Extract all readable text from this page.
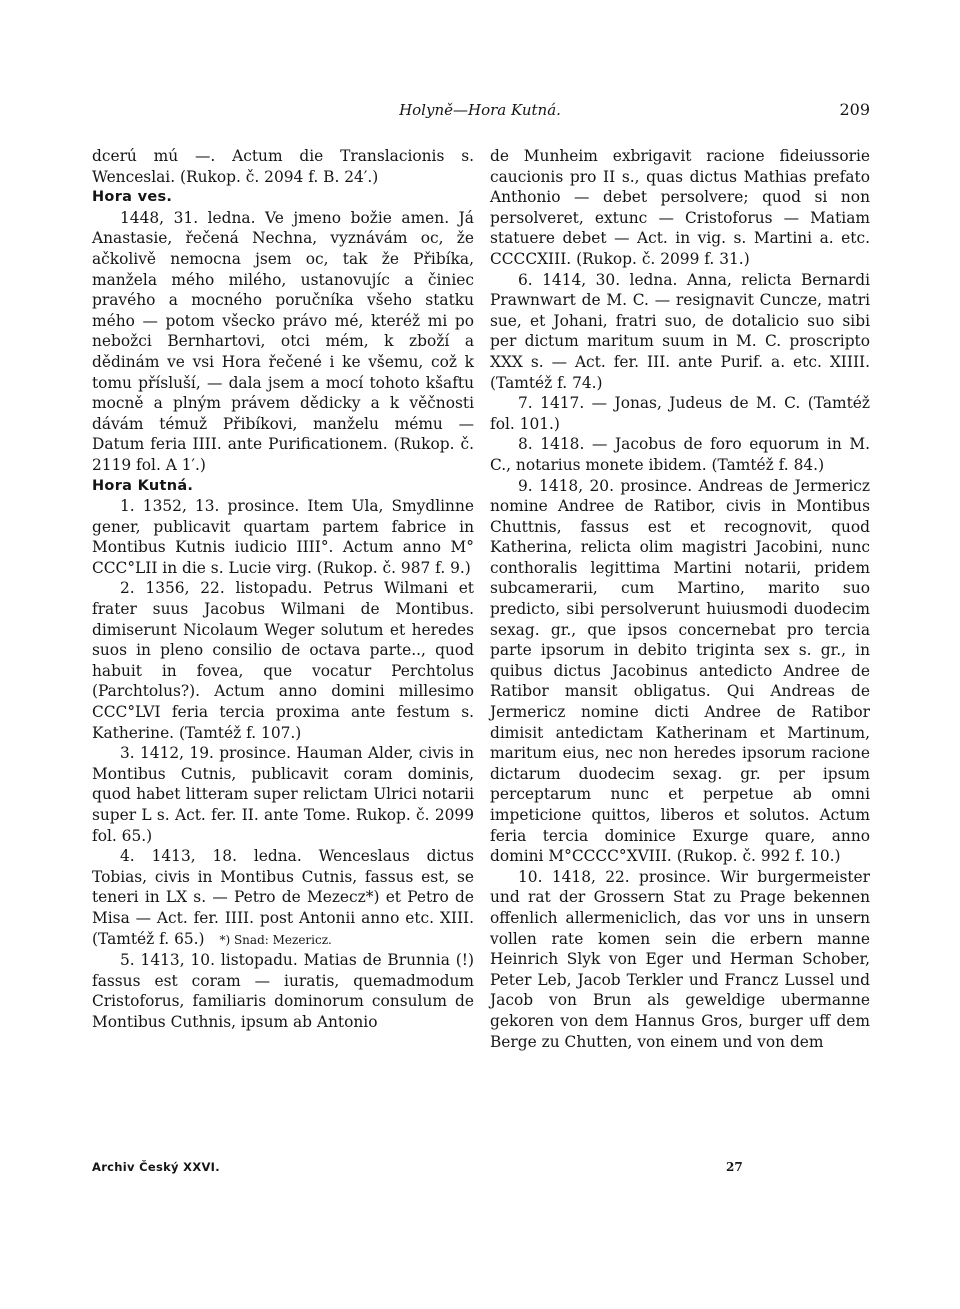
Holyně—Hora Kutná.	209

dcerú mú —. Actum die Translacionis s. Wenceslai. (Rukop. č. 2094 f. B. 24′.)

Hora ves.

1448, 31. ledna. Ve jmeno božie amen. Já Anastasie, řečená Nechna, vyznávám oc, že ačkolivě nemocna jsem oc, tak že Přibíka, manžela mého milého, ustanovujíc a činiec pravého a mocného poručníka všeho statku mého — potom všecko právo mé, kteréž mi po nebožci Bernhartovi, otci mém, k zboží a dědinám ve vsi Hora řečené i ke všemu, což k tomu přísluší, — dala jsem a mocí tohoto kšaftu mocně a plným právem dědicky a k věčnosti dávám témuž Přibíkovi, manželu mému — Datum feria IIII. ante Purificationem. (Rukop. č. 2119 fol. A 1′.)

Hora Kutná.

1. 1352, 13. prosince. Item Ula, Smydlinne gener, publicavit quartam partem fabrice in Montibus Kutnis iudicio IIII°. Actum anno M° CCC°LII in die s. Lucie virg. (Rukop. č. 987 f. 9.)

2. 1356, 22. listopadu. Petrus Wilmani et frater suus Jacobus Wilmani de Montibus. dimiserunt Nicolaum Weger solutum et heredes suos in pleno consilio de octava parte.., quod habuit in fovea, que vocatur Perchtolus (Parchtolus?). Actum anno domini millesimo CCC°LVI feria tercia proxima ante festum s. Katherine. (Tamtéž f. 107.)

3. 1412, 19. prosince. Hauman Alder, civis in Montibus Cutnis, publicavit coram dominis, quod habet litteram super relictam Ulrici notarii super L s. Act. fer. II. ante Tome. Rukop. č. 2099 fol. 65.)

4. 1413, 18. ledna. Wenceslaus dictus Tobias, civis in Montibus Cutnis, fassus est, se teneri in LX s. — Petro de Mezecz*) et Petro de Misa — Act. fer. IIII. post Antonii anno etc. XIII. (Tamtéž f. 65.) *) Snad: Mezericz.

5. 1413, 10. listopadu. Matias de Brunnia (!) fassus est coram — iuratis, quemadmodum Cristoforus, familiaris dominorum consulum de Montibus Cuthnis, ipsum ab Antonio

de Munheim exbrigavit racione fideiussorie caucionis pro II s., quas dictus Mathias prefato Anthonio — debet persolvere; quod si non persolveret, extunc — Cristoforus — Matiam statuere debet — Act. in vig. s. Martini a. etc. CCCCXIII. (Rukop. č. 2099 f. 31.)

6. 1414, 30. ledna. Anna, relicta Bernardi Prawnwart de M. C. — resignavit Cuncze, matri sue, et Johani, fratri suo, de dotalicio suo sibi per dictum maritum suum in M. C. proscripto XXX s. — Act. fer. III. ante Purif. a. etc. XIIII. (Tamtéž f. 74.)

7. 1417. — Jonas, Judeus de M. C. (Tamtéž fol. 101.)

8. 1418. — Jacobus de foro equorum in M. C., notarius monete ibidem. (Tamtéž f. 84.)

9. 1418, 20. prosince. Andreas de Jermericz nomine Andree de Ratibor, civis in Montibus Chuttnis, fassus est et recognovit, quod Katherina, relicta olim magistri Jacobini, nunc conthoralis legittima Martini notarii, pridem subcamerarii, cum Martino, marito suo predicto, sibi persolverunt huiusmodi duodecim sexag. gr., que ipsos concernebat pro tercia parte ipsorum in debito triginta sex s. gr., in quibus dictus Jacobinus antedicto Andree de Ratibor mansit obligatus. Qui Andreas de Jermericz nomine dicti Andree de Ratibor dimisit antedictam Katherinam et Martinum, maritum eius, nec non heredes ipsorum racione dictarum duodecim sexag. gr. per ipsum perceptarum nunc et perpetue ab omni impeticione quittos, liberos et solutos. Actum feria tercia dominice Exurge quare, anno domini M°CCCC°XVIII. (Rukop. č. 992 f. 10.)

10. 1418, 22. prosince. Wir burgermeister und rat der Grossern Stat zu Prage bekennen offenlich allermeniclich, das vor uns in unsern vollen rate komen sein die erbern manne Heinrich Slyk von Eger und Herman Schober, Peter Leb, Jacob Terkler und Francz Lussel und Jacob von Brun als geweldige ubermanne gekoren von dem Hannus Gros, burger uff dem Berge zu Chutten, von einem und von dem

Archiv Český XXVI.	27
